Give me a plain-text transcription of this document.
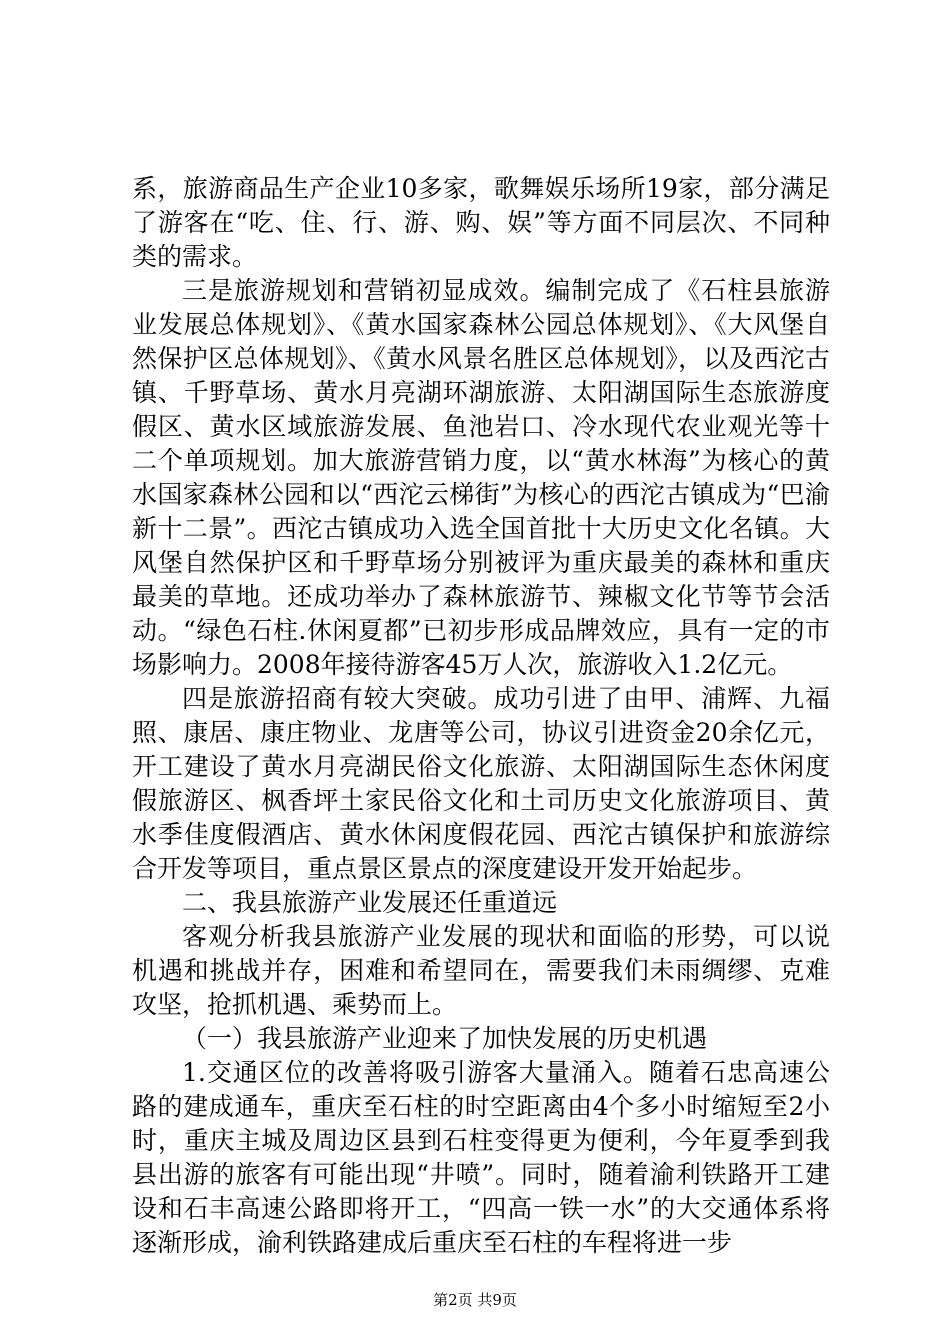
系，旅游商品生产企业10多家，歌舞娱乐场所19家，部分满足了游客在“吃、住、行、游、购、娱”等方面不同层次、不同种类的需求。

三是旅游规划和营销初显成效。编制完成了《石柱县旅游业发展总体规划》、《黄水国家森林公园总体规划》、《大风堡自然保护区总体规划》、《黄水风景名胜区总体规划》，以及西沱古镇、千野草场、黄水月亮湖环湖旅游、太阳湖国际生态旅游度假区、黄水区域旅游发展、鱼池岩口、冷水现代农业观光等十二个单项规划。加大旅游营销力度，以“黄水林海”为核心的黄水国家森林公园和以“西沱云梯街”为核心的西沱古镇成为“巴渝新十二景”。西沱古镇成功入选全国首批十大历史文化名镇。大风堡自然保护区和千野草场分别被评为重庆最美的森林和重庆最美的草地。还成功举办了森林旅游节、辣椒文化节等节会活动。“绿色石柱.休闲夏都”已初步形成品牌效应，具有一定的市场影响力。2008年接待游客45万人次，旅游收入1.2亿元。

四是旅游招商有较大突破。成功引进了由甲、浦辉、九福照、康居、康庄物业、龙唐等公司，协议引进资金20余亿元，开工建设了黄水月亮湖民俗文化旅游、太阳湖国际生态休闲度假旅游区、枫香坪土家民俗文化和土司历史文化旅游项目、黄水季佳度假酒店、黄水休闲度假花园、西沱古镇保护和旅游综合开发等项目，重点景区景点的深度建设开发开始起步。

二、我县旅游产业发展还任重道远

客观分析我县旅游产业发展的现状和面临的形势，可以说机遇和挑战并存，困难和希望同在，需要我们未雨绸缪、克难攻坚，抢抓机遇、乘势而上。

（一）我县旅游产业迎来了加快发展的历史机遇

1.交通区位的改善将吸引游客大量涌入。随着石忠高速公路的建成通车，重庆至石柱的时空距离由4个多小时缩短至2小时，重庆主城及周边区县到石柱变得更为便利，今年夏季到我县出游的旅客有可能出现“井喷”。同时，随着渝利铁路开工建设和石丰高速公路即将开工，“四高一铁一水”的大交通体系将逐渐形成，渝利铁路建成后重庆至石柱的车程将进一步

第2页 共9页
